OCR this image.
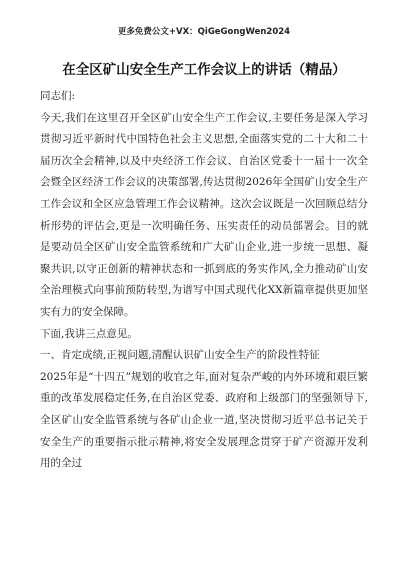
更多免费公文+VX：QiGeGongWen2024
在全区矿山安全生产工作会议上的讲话（精品）

同志们:

今天,我们在这里召开全区矿山安全生产工作会议,主要任务是深入学习贯彻习近平新时代中国特色社会主义思想,全面落实党的二十大和二十届历次全会精神,以及中央经济工作会议、自治区党委十一届十一次全会暨全区经济工作会议的决策部署,传达贯彻2026年全国矿山安全生产工作会议和全区应急管理工作会议精神。这次会议既是一次回顾总结分析形势的评估会,更是一次明确任务、压实责任的动员部署会。目的就是要动员全区矿山安全监管系统和广大矿山企业,进一步统一思想、凝聚共识,以守正创新的精神状态和一抓到底的务实作风,全力推动矿山安全治理模式向事前预防转型,为谱写中国式现代化XX新篇章提供更加坚实有力的安全保障。

下面,我讲三点意见。

一、肯定成绩,正视问题,清醒认识矿山安全生产的阶段性特征

2025年是“十四五”规划的收官之年,面对复杂严峻的内外环境和艰巨繁重的改革发展稳定任务,在自治区党委、政府和上级部门的坚强领导下,全区矿山安全监管系统与各矿山企业一道,坚决贯彻习近平总书记关于安全生产的重要指示批示精神,将安全发展理念贯穿于矿产资源开发利用的全过
